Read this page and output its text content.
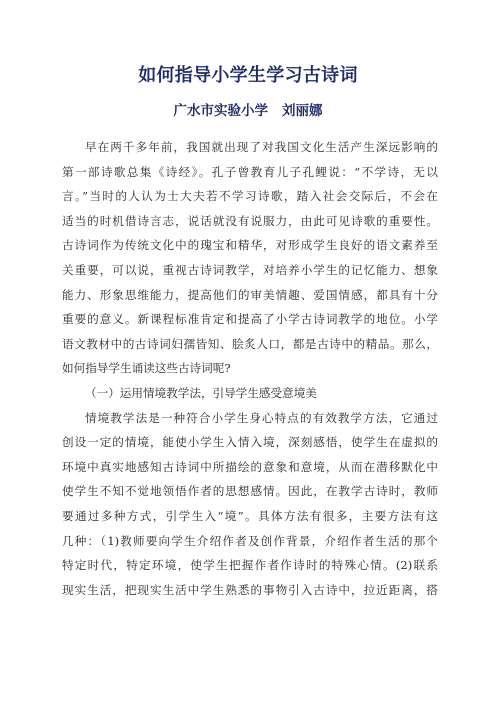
如何指导小学生学习古诗词
广水市实验小学 刘丽娜
早在两千多年前，我国就出现了对我国文化生活产生深远影响的
第一部诗歌总集《诗经》。孔子曾教育儿子孔鲤说：“不学诗，无以
言。”当时的人认为士大夫若不学习诗歌，踏入社会交际后，不会在
适当的时机借诗言志，说话就没有说服力，由此可见诗歌的重要性。
古诗词作为传统文化中的瑰宝和精华，对形成学生良好的语文素养至
关重要，可以说，重视古诗词教学，对培养小学生的记忆能力、想象
能力、形象思维能力，提高他们的审美情趣、爱国情感，都具有十分
重要的意义。新课程标准肯定和提高了小学古诗词教学的地位。小学
语文教材中的古诗词妇孺皆知、脍炙人口，都是古诗中的精品。那么，
如何指导学生诵读这些古诗词呢?
（一）运用情境教学法，引导学生感受意境美
情境教学法是一种符合小学生身心特点的有效教学方法，它通过
创设一定的情境，能使小学生入情入境，深刻感悟，使学生在虚拟的
环境中真实地感知古诗词中所描绘的意象和意境，从而在潜移默化中
使学生不知不觉地领悟作者的思想感情。因此，在教学古诗时，教师
要通过多种方式，引学生入“境”。具体方法有很多，主要方法有这
几种：（1)教师要向学生介绍作者及创作背景，介绍作者生活的那个
特定时代，特定环境，使学生把握作者作诗时的特殊心情。(2)联系
现实生活，把现实生活中学生熟悉的事物引入古诗中，拉近距离，搭
